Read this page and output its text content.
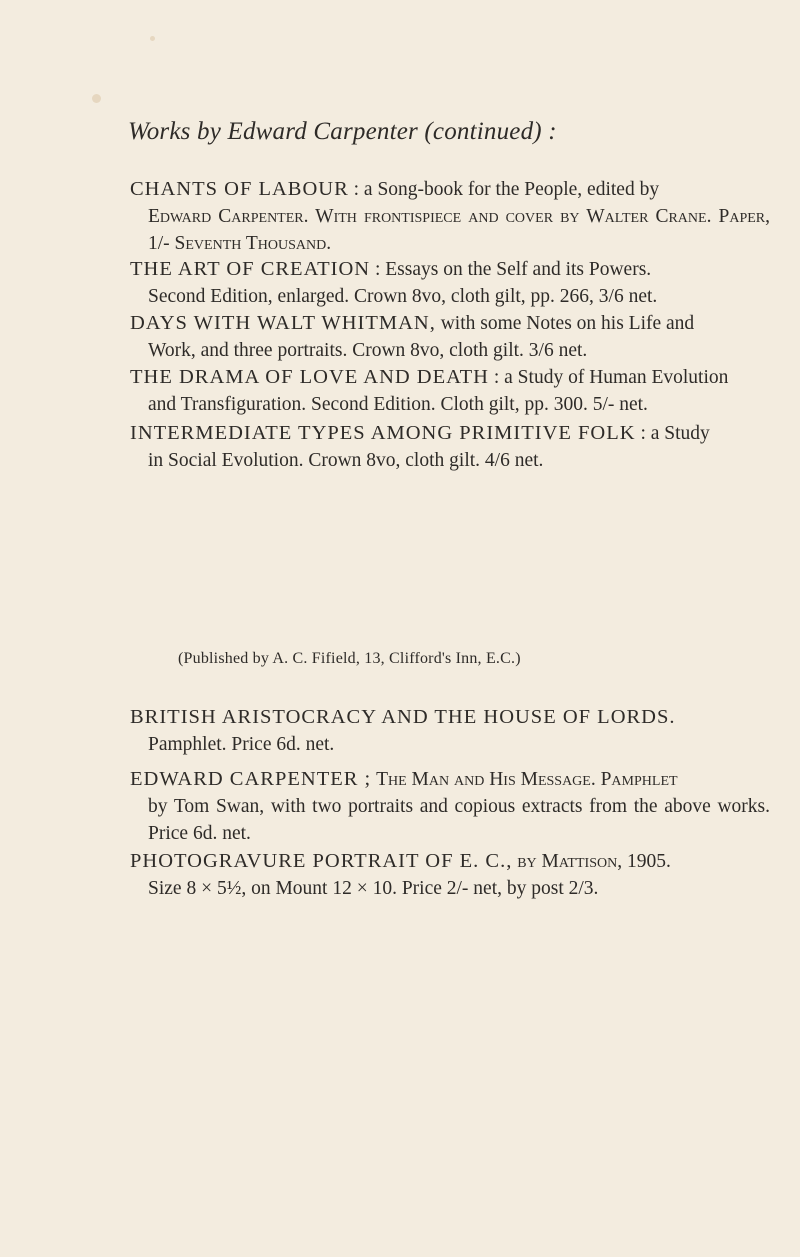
Works by Edward Carpenter (continued) :
CHANTS OF LABOUR : a Song-book for the People, edited by
Edward Carpenter. With frontispiece and cover by Walter Crane. Paper, 1/- Seventh Thousand.
THE ART OF CREATION : Essays on the Self and its Powers.
Second Edition, enlarged. Crown 8vo, cloth gilt, pp. 266, 3/6 net.
DAYS WITH WALT WHITMAN, with some Notes on his Life and
Work, and three portraits. Crown 8vo, cloth gilt. 3/6 net.
THE DRAMA OF LOVE AND DEATH : a Study of Human Evolution
and Transfiguration. Second Edition. Cloth gilt, pp. 300. 5/- net.
INTERMEDIATE TYPES AMONG PRIMITIVE FOLK : a Study
in Social Evolution. Crown 8vo, cloth gilt. 4/6 net.
(Published by A. C. Fifield, 13, Clifford's Inn, E.C.)
BRITISH ARISTOCRACY AND THE HOUSE OF LORDS.
Pamphlet. Price 6d. net.
EDWARD CARPENTER ; The Man and His Message. Pamphlet
by Tom Swan, with two portraits and copious extracts from the above works. Price 6d. net.
PHOTOGRAVURE PORTRAIT OF E. C., by Mattison, 1905.
Size 8 × 5½, on Mount 12 × 10. Price 2/- net, by post 2/3.
